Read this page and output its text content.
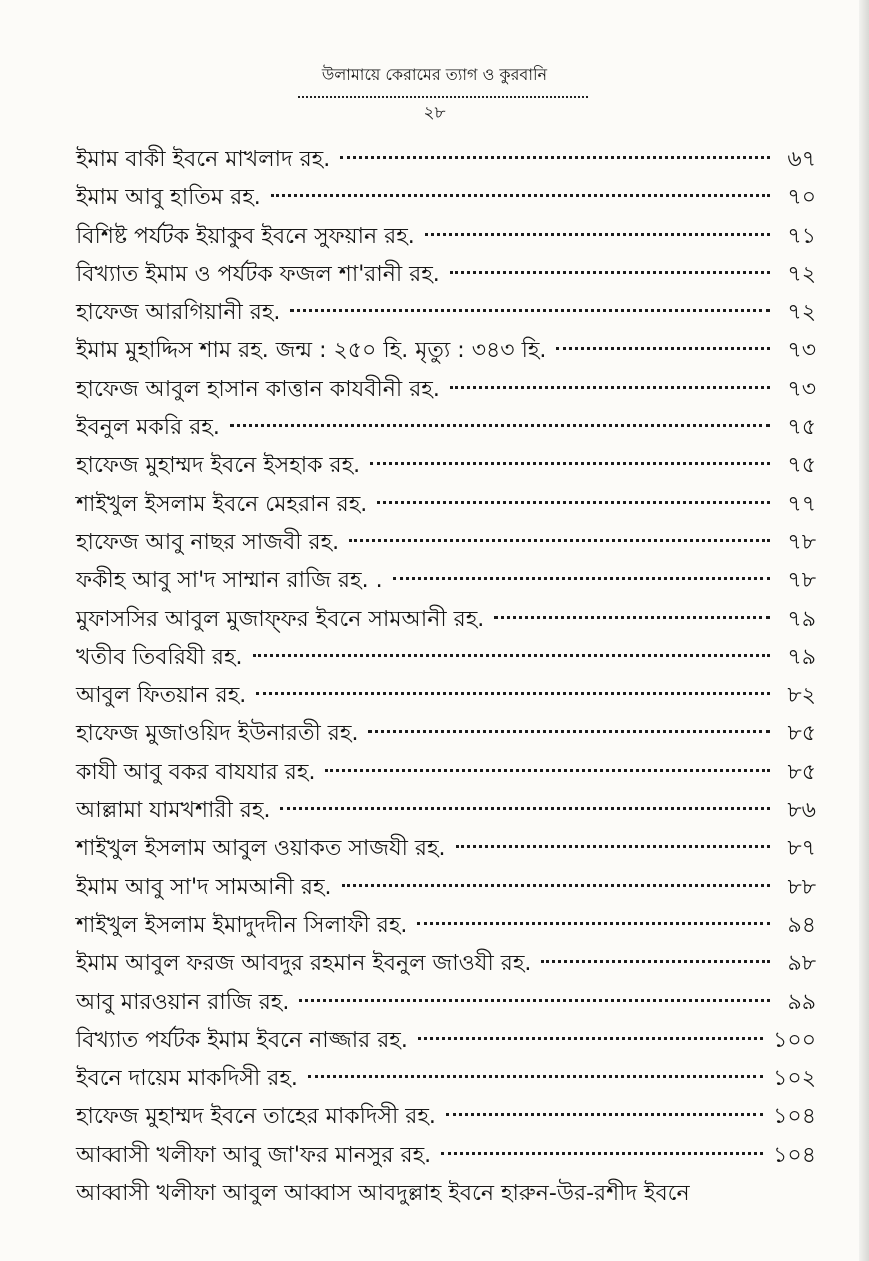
উলামায়ে কেরামের ত্যাগ ও কুরবানি
২৮
ইমাম বাকী ইবনে মাখলাদ রহ.	৬৭
ইমাম আবু হাতিম রহ.	৭০
বিশিষ্ট পর্যটক ইয়াকুব ইবনে সুফয়ান রহ.	৭১
বিখ্যাত ইমাম ও পর্যটক ফজল শা'রানী রহ.	৭২
হাফেজ আরগিয়ানী রহ.	৭২
ইমাম মুহাদ্দিস শাম রহ. জন্ম : ২৫০ হি. মৃত্যু : ৩৪৩ হি.	৭৩
হাফেজ আবুল হাসান কাত্তান কাযবীনী রহ.	৭৩
ইবনুল মকরি রহ.	৭৫
হাফেজ মুহাম্মদ ইবনে ইসহাক রহ.	৭৫
শাইখুল ইসলাম ইবনে মেহরান রহ.	৭৭
হাফেজ আবু নাছর সাজবী রহ.	৭৮
ফকীহ আবু সা'দ সাম্মান রাজি রহ. .	৭৮
মুফাসসির আবুল মুজাফ্ফর ইবনে সামআনী রহ.	৭৯
খতীব তিবরিযী রহ.	৭৯
আবুল ফিতয়ান রহ.	৮২
হাফেজ মুজাওয়িদ ইউনারতী রহ.	৮৫
কাযী আবু বকর বাযযার রহ.	৮৫
আল্লামা যামখশারী রহ.	৮৬
শাইখুল ইসলাম আবুল ওয়াকত সাজযী রহ.	৮৭
ইমাম আবু সা'দ সামআনী রহ.	৮৮
শাইখুল ইসলাম ইমাদুদদীন সিলাফী রহ.	৯৪
ইমাম আবুল ফরজ আবদুর রহমান ইবনুল জাওযী রহ.	৯৮
আবু মারওয়ান রাজি রহ.	৯৯
বিখ্যাত পর্যটক ইমাম ইবনে নাজ্জার রহ.	১০০
ইবনে দায়েম মাকদিসী রহ.	১০২
হাফেজ মুহাম্মদ ইবনে তাহের মাকদিসী রহ.	১০৪
আব্বাসী খলীফা আবু জা'ফর মানসুর রহ.	১০৪
আব্বাসী খলীফা আবুল আব্বাস আবদুল্লাহ ইবনে হারুন-উর-রশীদ ইবনে
